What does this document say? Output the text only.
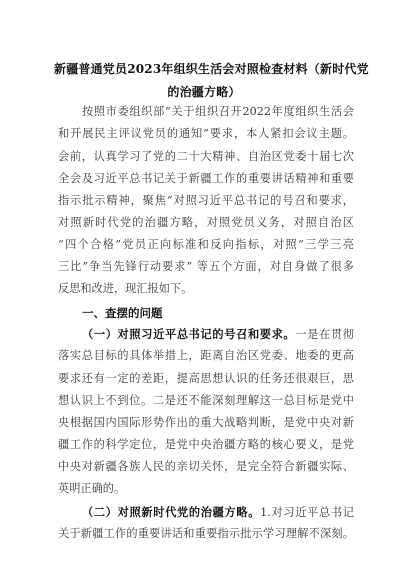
新疆普通党员2023年组织生活会对照检查材料（新时代党
的治疆方略）
按照市委组织部“关于组织召开2022年度组织生活会
和开展民主评议党员的通知”要求，本人紧扣会议主题。
会前，认真学习了党的二十大精神、自治区党委十届七次
全会及习近平总书记关于新疆工作的重要讲话精神和重要
指示批示精神，聚焦“对照习近平总书记的号召和要求，
对照新时代党的治疆方略，对照党员义务，对照自治区
“四个合格”党员正向标准和反向指标，对照“三学三亮
三比”争当先锋行动要求” 等五个方面，对自身做了很多
反思和改进，现汇报如下。
一、查摆的问题
（一）对照习近平总书记的号召和要求。一是在贯彻
落实总目标的具体举措上，距离自治区党委、地委的更高
要求还有一定的差距，提高思想认识的任务还很艰巨，思
想认识上不到位。二是还不能深刻理解这一总目标是党中
央根据国内国际形势作出的重大战略判断，是党中央对新
疆工作的科学定位，是党中央治疆方略的核心要义，是党
中央对新疆各族人民的亲切关怀，是完全符合新疆实际、
英明正确的。
（二）对照新时代党的治疆方略。1.对习近平总书记
关于新疆工作的重要讲话和重要指示批示学习理解不深刻。
